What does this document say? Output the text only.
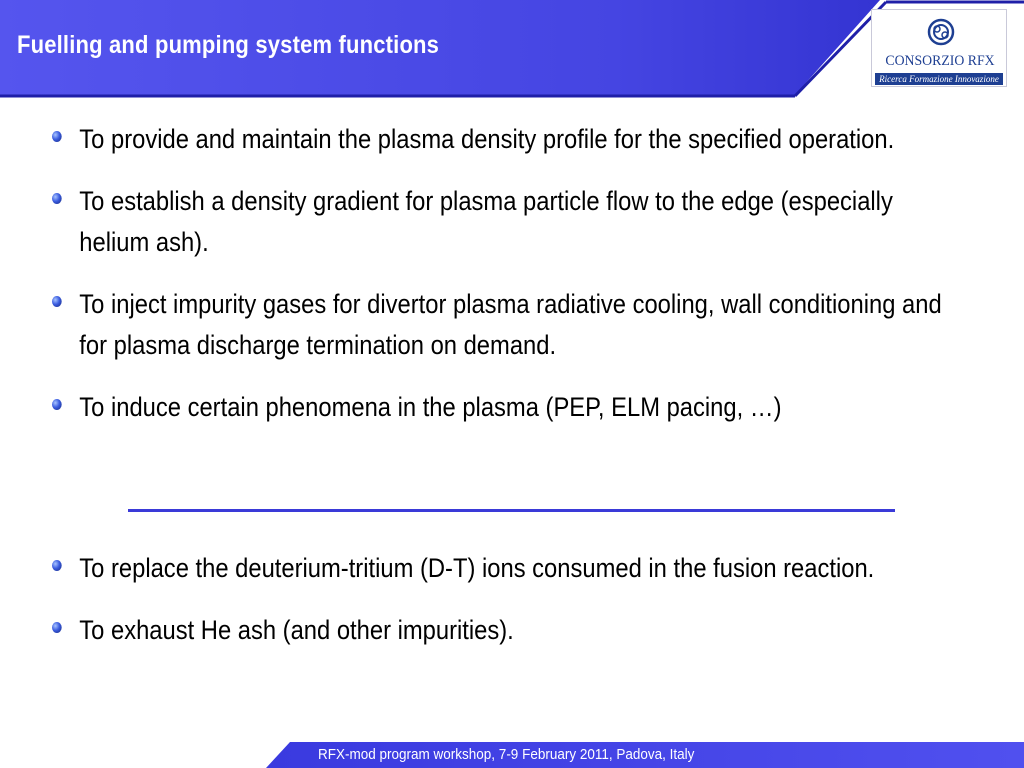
Fuelling and pumping system functions
CONSORZIO RFX
Ricerca Formazione Innovazione
To provide and maintain the plasma density profile for the specified operation.
To establish a density gradient for plasma particle flow to the edge (especially helium ash).
To inject impurity gases for divertor plasma radiative cooling, wall conditioning and for plasma discharge termination on demand.
To induce certain phenomena in the plasma (PEP, ELM pacing, …)
To replace the deuterium-tritium (D-T) ions consumed in the fusion reaction.
To exhaust He ash (and other impurities).
RFX-mod program workshop, 7-9 February 2011, Padova, Italy
